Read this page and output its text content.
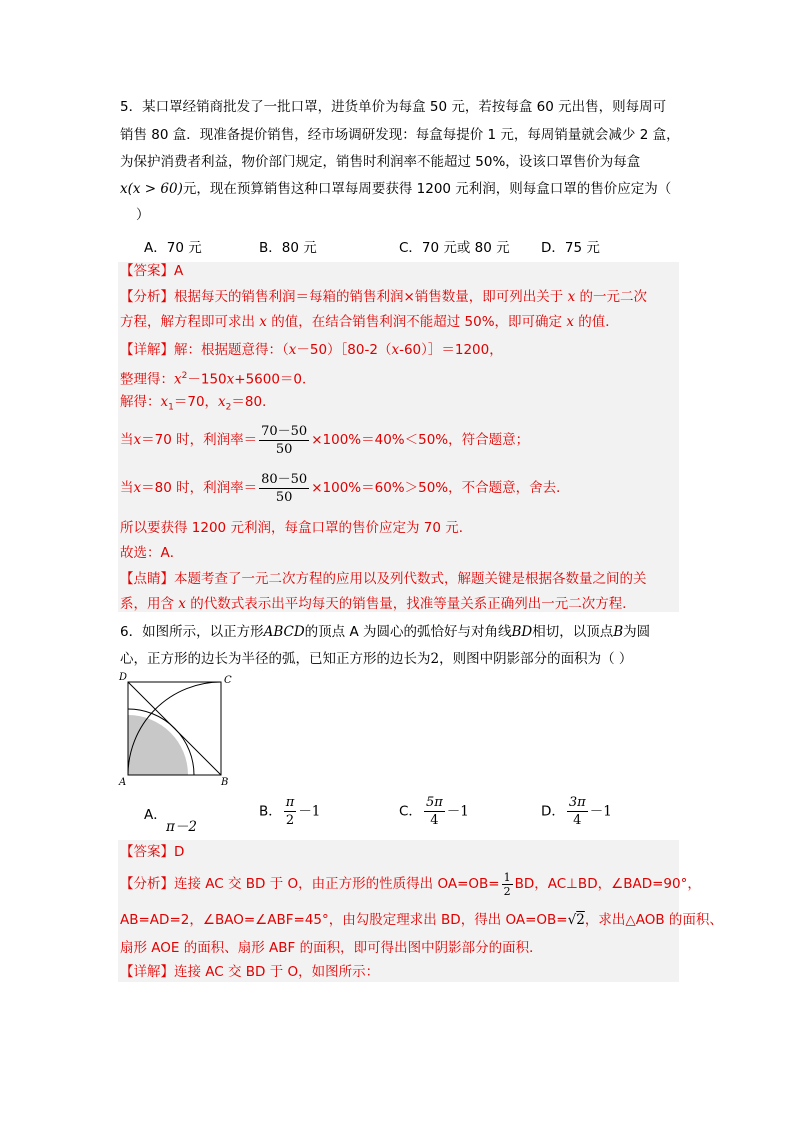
5．某口罩经销商批发了一批口罩，进货单价为每盒 50 元，若按每盒 60 元出售，则每周可
销售 80 盒．现准备提价销售，经市场调研发现：每盒每提价 1 元，每周销量就会减少 2 盒，
为保护消费者利益，物价部门规定，销售时利润率不能超过 50%，设该口罩售价为每盒
x(x > 60)元，现在预算销售这种口罩每周要获得 1200 元利润，则每盒口罩的售价应定为（
）
A．70 元	B．80 元	C．70 元或 80 元 D．75 元
【答案】A
【分析】根据每天的销售利润＝每箱的销售利润×销售数量，即可列出关于 x 的一元二次
方程，解方程即可求出 x 的值，在结合销售利润不能超过 50%，即可确定 x 的值．
【详解】解：根据题意得：（x－50）［80-2（x-60）］＝1200，
整理得：$x^2-150x+5600=0$．
解得：$x_1=70$，$x_2=80$．
当x＝70 时，利润率＝ $\frac{70-50}{50} \times 100\%=40\%<50\%$，符合题意；
当x＝80 时，利润率＝ $\frac{80-50}{50} \times 100\%=60\%>50\%$，不合题意，舍去．
所以要获得 1200 元利润，每盒口罩的售价应定为 70 元．
故选：A．
【点睛】本题考查了一元二次方程的应用以及列代数式，解题关键是根据各数量之间的关
系，用含 x 的代数式表示出平均每天的销售量，找准等量关系正确列出一元二次方程．
6．如图所示，以正方形ABCD的顶点 A 为圆心的弧恰好与对角线BD相切，以顶点B为圆
心，正方形的边长为半径的弧，已知正方形的边长为2，则图中阴影部分的面积为（ ）
D	C
A	B
A．
π－2
B． $\frac{\pi}{2} -1$	C． $\frac{5\pi}{4} -1$	D． $\frac{3\pi}{4} -1$
【答案】D
【分析】连接 AC 交 BD 于 O，由正方形的性质得出 $OA=OB= \frac{1}{2}$ BD，AC⊥BD，∠BAD=90°，
AB=AD=2，∠BAO=∠ABF=45°，由勾股定理求出 BD，得出 OA=OB=√2，求出△AOB 的面积、
扇形 AOE 的面积、扇形 ABF 的面积，即可得出图中阴影部分的面积．
【详解】连接 AC 交 BD 于 O，如图所示：
